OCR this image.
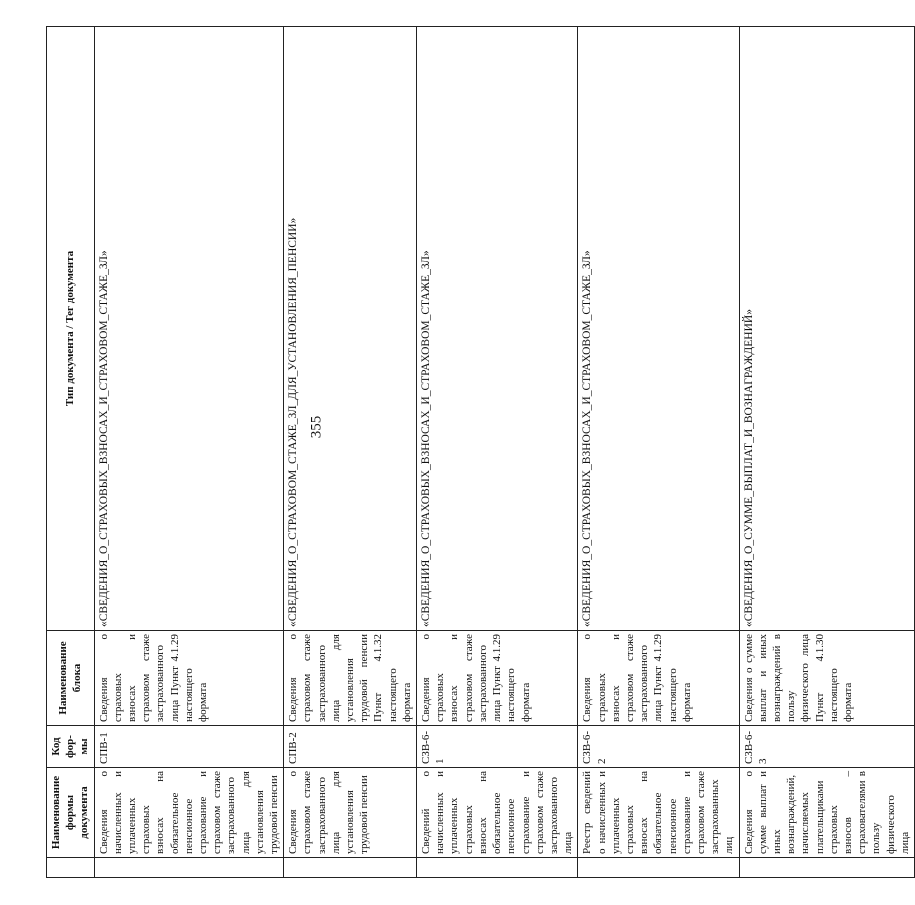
355
	Наименование формы документа	Код фор-мы	Наименование блока	Тип документа / Тег документа
	Сведения о начисленных и уплаченных страховых взносах на обязательное пенсионное страхование и страховом стаже застрахованного лица для установления трудовой пенсии	СПВ-1	Сведения о страховых взносах и страховом стаже застрахованного лица Пункт 4.1.29 настоящего формата	«СВЕДЕНИЯ_О_СТРАХОВЫХ_ВЗНОСАХ_И_СТРАХОВОМ_СТАЖЕ_ЗЛ»
	Сведения о страховом стаже застрахованного лица для установления трудовой пенсии	СПВ-2	Сведения о страховом стаже застрахованного лица для установления трудовой пенсии Пункт 4.1.32 настоящего формата	«СВЕДЕНИЯ_О_СТРАХОВОМ_СТАЖЕ_ЗЛ_ДЛЯ_УСТАНОВЛЕНИЯ_ПЕНСИИ»
	Сведений о начисленных и уплаченных страховых взносах на обязательное пенсионное страхование и страховом стаже застрахованного лица	СЗВ-6-1	Сведения о страховых взносах и страховом стаже застрахованного лица Пункт 4.1.29 настоящего формата	«СВЕДЕНИЯ_О_СТРАХОВЫХ_ВЗНОСАХ_И_СТРАХОВОМ_СТАЖЕ_ЗЛ»
	Реестр сведений о начисленных и уплаченных страховых взносах на обязательное пенсионное страхование и страховом стаже застрахованных лиц	СЗВ-6-2	Сведения о страховых взносах и страховом стаже застрахованного лица Пункт 4.1.29 настоящего формата	«СВЕДЕНИЯ_О_СТРАХОВЫХ_ВЗНОСАХ_И_СТРАХОВОМ_СТАЖЕ_ЗЛ»
	Сведения о сумме выплат и иных вознаграждений, начисляемых плательщиками страховых взносов – страхователями в пользу физического лица	СЗВ-6-3	Сведения о сумме выплат и иных вознаграждений в пользу физического лица Пункт 4.1.30 настоящего формата	«СВЕДЕНИЯ_О_СУММЕ_ВЫПЛАТ_И_ВОЗНАГРАЖДЕНИЙ»
